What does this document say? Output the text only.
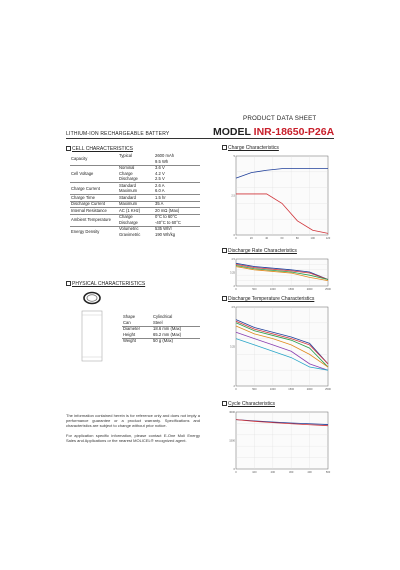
PRODUCT DATA SHEET
LITHIUM-ION RECHARGEABLE BATTERY	MODEL INR-18650-P26A
CELL CHARACTERISTICS
Capacity	Typical	2600 mAh
		9.5 Wh
Cell Voltage	Nominal	3.6 V
	Charge	4.2 V
	Discharge	2.5 V
Charge Current	Standard	2.6 A
	Maximum	6.0 A
Charge Time	Standard	1.5 hr
Discharge Current	Maximum	35 A
Internal Resistance	AC (1 KHz)	20 mΩ (Max)
Ambient Temperature	Charge	0°C to 60°C
	Discharge	-40°C to 60°C
Energy Density	Volumetric	535 Wh/l
	Gravimetric	190 Wh/kg
PHYSICAL CHARACTERISTICS
Shape	Cylindrical
Can	Steel
Diameter	18.6 mm (Max)
Height	65.2 mm (Max)
Weight	50 g (Max)
The information contained herein is for reference only and does not imply a performance guarantee or a product warranty. Specifications and characteristics are subject to change without prior notice.
For application specific information, please contact E-One Moli Energy Sales and Applications or the nearest MOLICEL® recognized agent.
Charge Characteristics
0	20	40	60	80	100	120
0
2.5
5
Discharge Rate Characteristics
0	500	1000	1500	2000	2500
2
3.25
4.5
Discharge Temperature Characteristics
0	500	1000	1500	2000	2500
2
3.25
4.5
Cycle Characteristics
0	100	200	300	400	500
0
1500
3000
